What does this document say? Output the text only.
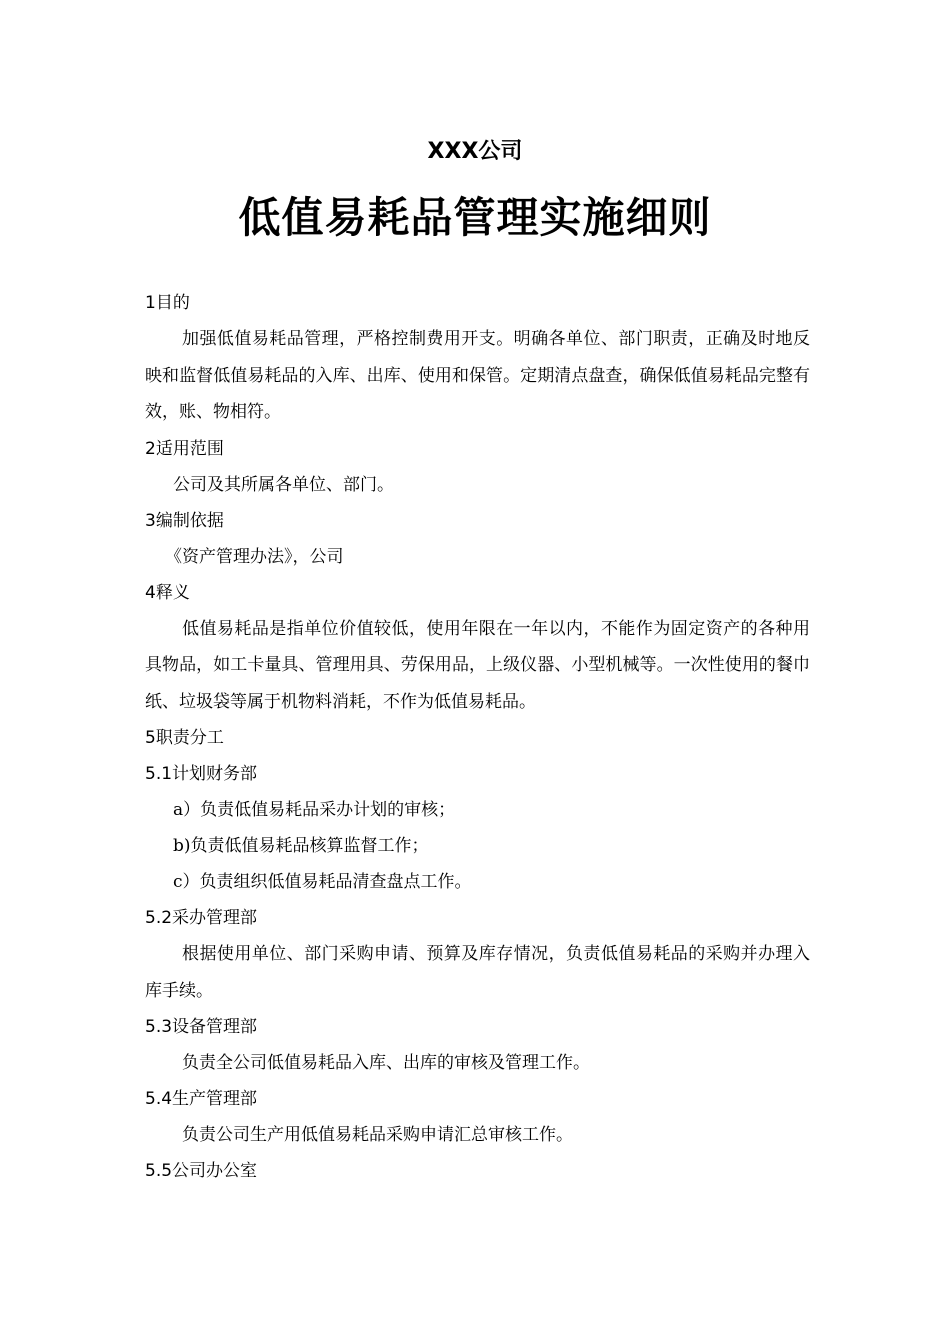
XXX公司
低值易耗品管理实施细则

1目的

加强低值易耗品管理，严格控制费用开支。明确各单位、部门职责，正确及时地反映和监督低值易耗品的入库、出库、使用和保管。定期清点盘查，确保低值易耗品完整有效，账、物相符。

2适用范围

公司及其所属各单位、部门。

3编制依据

《资产管理办法》，公司

4释义

低值易耗品是指单位价值较低，使用年限在一年以内，不能作为固定资产的各种用具物品，如工卡量具、管理用具、劳保用品，上级仪器、小型机械等。一次性使用的餐巾纸、垃圾袋等属于机物料消耗，不作为低值易耗品。

5职责分工

5.1计划财务部

a）负责低值易耗品采办计划的审核；

b)负责低值易耗品核算监督工作；

c）负责组织低值易耗品清查盘点工作。

5.2采办管理部

根据使用单位、部门采购申请、预算及库存情况，负责低值易耗品的采购并办理入库手续。

5.3设备管理部

负责全公司低值易耗品入库、出库的审核及管理工作。

5.4生产管理部

负责公司生产用低值易耗品采购申请汇总审核工作。

5.5公司办公室
